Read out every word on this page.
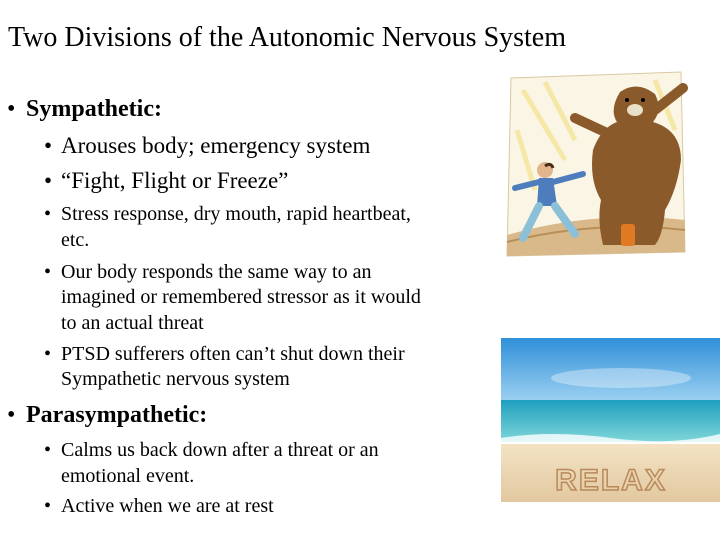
Two Divisions of the Autonomic Nervous System
• Sympathetic:
• Arouses body; emergency system
• “Fight, Flight or Freeze”
• Stress response, dry mouth, rapid heartbeat,
etc.
• Our body responds the same way to an
imagined or remembered stressor as it would
to an actual threat
• PTSD sufferers often can’t shut down their
Sympathetic nervous system
• Parasympathetic:
• Calms us back down after a threat or an
emotional event.
• Active when we are at rest
RELAX
